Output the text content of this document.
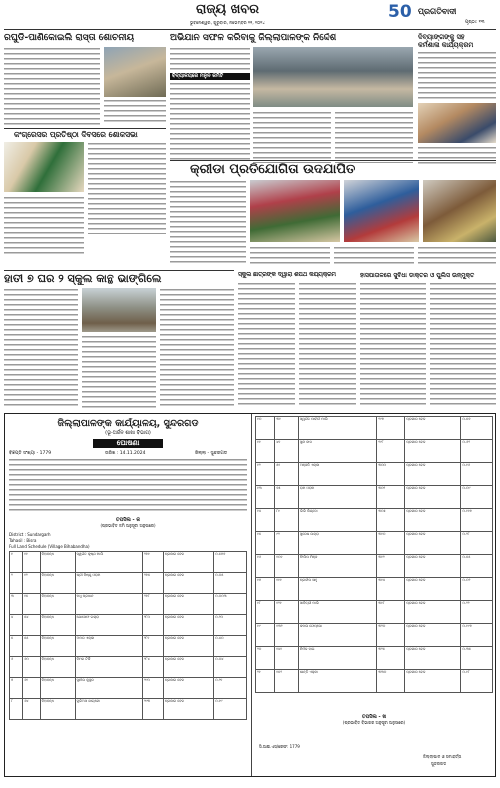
ରାଜ୍ୟ ଖବର
ଭୁବନେଶ୍ୱର, ଗୁରୁବାର, ନଭେମ୍ବର ୨୧, ୨୦୨୪
50 ପ୍ରଗତିବାଦୀ
ପୃଷ୍ଠା: ୧୩
ରଘୁଡି-ପାଣିକୋଇଲି ରାସ୍ତା ଶୋଚନୀୟ
କଂଗ୍ରେସର ପ୍ରତିଷ୍ଠା ଦିବସରେ ଶୋକସଭା
ଅଭିଯାନ ସଫଳ କରିବାକୁ ଜିଲ୍ଲାପାଳଙ୍କ ନିର୍ଦ୍ଦେଶ
ବିଦ୍ୟାଳୟରେ ମନୁନ କମିଟି
ଦିବ୍ୟାଙ୍ଗଙ୍କୁ ସହ
କର୍ମଶାଳା କାର୍ଯ୍ୟକ୍ରମ
କ୍ରୀଡା ପ୍ରତିଯୋଗିତା ଉଦଯାପିତ
ହାତୀ ୭ ଘର ୨ ସ୍କୁଲ କାନ୍ଥ ଭାଙ୍ଗିଲେ	ସ୍କୁଲ ଛାତ୍ରଙ୍କ ଦ୍ୱାରା ଶପଥ କର୍ଯ୍ୟକ୍ରମ	ହାସପାତାଳରେ ସୁବିଧା ଡାକ୍ତର ଓ ପୁଲିସ ଉନ୍ମୁକ୍ତ
ଜିଲ୍ଲାପାଳଙ୍କ କାର୍ଯ୍ୟାଳୟ, ସୁନ୍ଦରଗଡ
(ଭୂ-ଅର୍ଜନ ଶାଖା ବିଭାଗ)
ଘୋଷଣା
ବିଜ୍ଞପ୍ତି ସଂଖ୍ୟା - 1779	ତାରିଖ : 14.11.2024	ଜିଲ୍ଲା - ସୁନ୍ଦରଗଡ
ତପସିଲ - କ
(ପ୍ରଭାବିତ ଜମି ଅନୁସୂଚୀ ଅନୁସାରେ)
District : Sundargarh
Tahasil : Bisra
Full Land Schedule (Village Bihabandha)
୧	୧୧	ବିହାବନ୍ଧ	ସ୍ୱର୍ଗତ କୃଷ୍ଣ ମାଲି	୨୭୧	ପ୍ରକାର ବେଳ	୦.୫୭୭
୨	୧୨	ବିହାବନ୍ଧ	ଶ୍ରୀ ବିଷ୍ଣୁ ଓରାମ	୨୭୫	ପ୍ରକାର ବେଳ	୦.୦୫
୩	୧୫	ବିହାବନ୍ଧ	ମଧୁ ପ୍ରଧାନ	୨୭୮	ପ୍ରକାର ବେଳ	୦.୦୦୩
୪	୫୪	ବିହାବନ୍ଧ	ଯୋସେଫ ଲକ୍ରା	୨୮୦	ପ୍ରକାର ବେଳ	୦.୨୦
୫	୫୫	ବିହାବନ୍ଧ	ଅମର ଏକ୍କା	୨୮୧	ପ୍ରକାର ବେଳ	୦.୪୦
୬	୬୦	ବିହାବନ୍ଧ	ବିମଳ ଟିର୍କି	୨୮୪	ପ୍ରକାର ବେଳ	୦.୦୪
୭	୬୧	ବିହାବନ୍ଧ	ସୁନୀଲ କୁଜୁର	୨୯୦	ପ୍ରକାର ବେଳ	୦.୨୧
୮	୬୪	ବିହାବନ୍ଧ	ଜୁଲିଅସ ଖାଲ୍କୋ	୨୯୩	ପ୍ରକାର ବେଳ	୦.୧୯
୧୦	୩୧	ସ୍ୱର୍ଗତ ପାର୍ବତୀ ମାଲି	୨୯୭	ପ୍ରକାର ବେଳ	୦.୫୭
୧୧	୪୧	ସୁନା ଦାସ	୨୯୮	ପ୍ରକାର ବେଳ	୦.୬୨
୧୨	୫୧	ଅଞ୍ଜଳି ଏକ୍କା	୩୦୦	ପ୍ରକାର ବେଳ	୦.୧୬
୧୩	୭୫	ରାମ ଓରାମ	୩୦୨	ପ୍ରକାର ବେଳ	୦.୦୯
୧୪	୮୧	ଲିଲି କିଣ୍ଡୋ	୩୦୫	ପ୍ରକାର ବେଳ	୦.୧୧୭
୧୫	୯୨	ସୁରେଶ ଲକ୍ରା	୩୧୦	ପ୍ରକାର ବେଳ	୦.୨୮
୧୬	୧୦୧	ଫିଲିପ ମିଞ୍ଜ	୩୧୨	ପ୍ରକାର ବେଳ	୦.୫୫
୧୭	୧୧୧	ପ୍ରଦୀପ ସାହୁ	୩୧୪	ପ୍ରକାର ବେଳ	୦.୦୨
୧୮	୧୨୧	ସାବିତ୍ରୀ ମାଲି	୩୧୮	ପ୍ରକାର ବେଳ	୦.୨୨
୧୯	୧୩୨	କମଳା ଟୋପ୍ପୋ	୩୨୦	ପ୍ରକାର ବେଳ	୦.୧୯୭
୨୦	୧୪୧	ନିର୍ମଳ ବାଗ	୩୨୫	ପ୍ରକାର ବେଳ	୦.୩୫
୨୧	୧୫୨	ଶାନ୍ତି ଏକ୍କା	୩୩୦	ପ୍ରକାର ବେଳ	୦.୧୮
ତପସିଲ - ଖ
(ପ୍ରଭାବିତ ବିଭାଗର ଅନୁସୂଚୀ ଅନୁସାରେ)
ସି.ଆଇ.ଏସ/ରେଫ: 1779
ଜିଲ୍ଲାପାଳ ଓ ସମାହର୍ତ୍ତା
ସୁନ୍ଦରଗଡ
